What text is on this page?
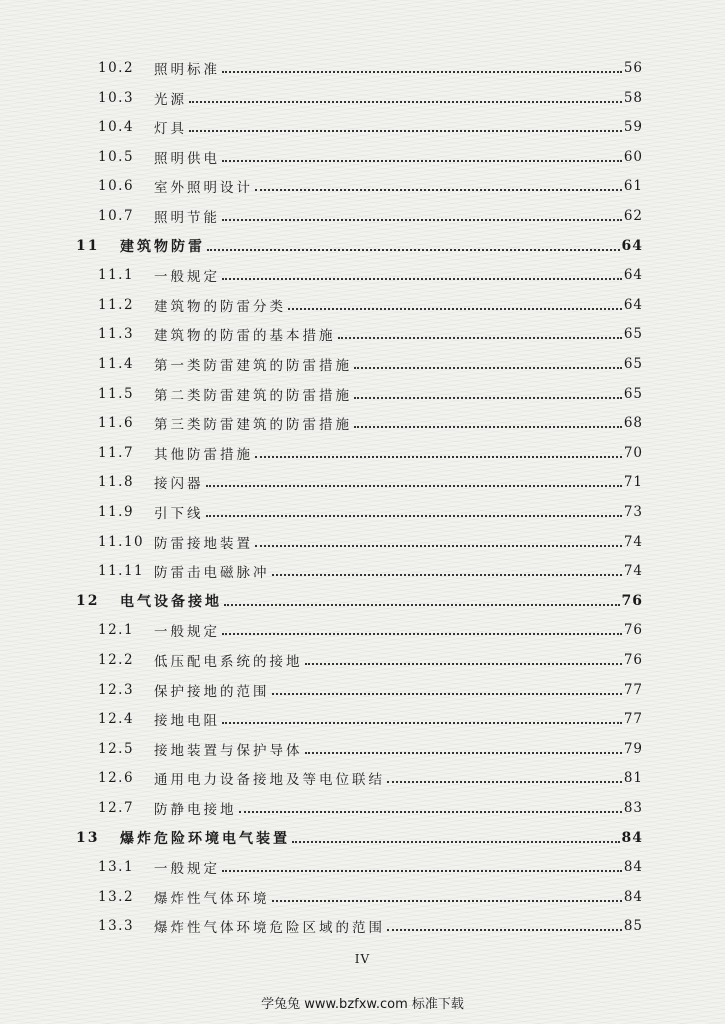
10.2	照明标准	56
10.3	光源	58
10.4	灯具	59
10.5	照明供电	60
10.6	室外照明设计	61
10.7	照明节能	62
11	建筑物防雷	64
11.1	一般规定	64
11.2	建筑物的防雷分类	64
11.3	建筑物的防雷的基本措施	65
11.4	第一类防雷建筑的防雷措施	65
11.5	第二类防雷建筑的防雷措施	65
11.6	第三类防雷建筑的防雷措施	68
11.7	其他防雷措施	70
11.8	接闪器	71
11.9	引下线	73
11.10 防雷接地装置	74
11.11 防雷击电磁脉冲	74
12	电气设备接地	76
12.1	一般规定	76
12.2	低压配电系统的接地	76
12.3	保护接地的范围	77
12.4	接地电阻	77
12.5	接地装置与保护导体	79
12.6	通用电力设备接地及等电位联结	81
12.7	防静电接地	83
13	爆炸危险环境电气装置	84
13.1	一般规定	84
13.2	爆炸性气体环境	84
13.3	爆炸性气体环境危险区域的范围	85
IV
学兔兔 www.bzfxw.com 标准下载
